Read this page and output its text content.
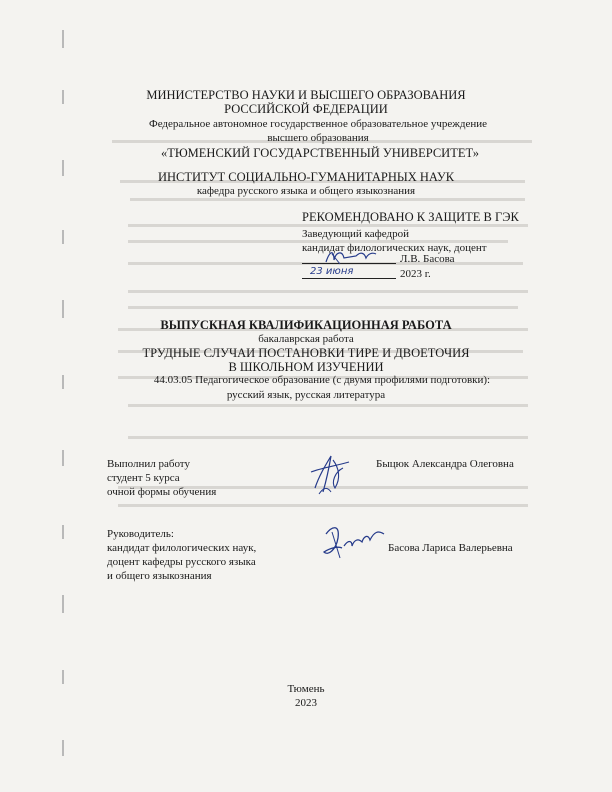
МИНИСТЕРСТВО НАУКИ И ВЫСШЕГО ОБРАЗОВАНИЯ
РОССИЙСКОЙ ФЕДЕРАЦИИ
Федеральное автономное государственное образовательное учреждение
высшего образования
«ТЮМЕНСКИЙ ГОСУДАРСТВЕННЫЙ УНИВЕРСИТЕТ»
ИНСТИТУТ СОЦИАЛЬНО-ГУМАНИТАРНЫХ НАУК
кафедра русского языка и общего языкознания
РЕКОМЕНДОВАНО К ЗАЩИТЕ В ГЭК
Заведующий кафедрой
кандидат филологических наук, доцент
Л.В. Басова
23 июня	2023 г.
ВЫПУСКНАЯ КВАЛИФИКАЦИОННАЯ РАБОТА
бакалаврская работа
ТРУДНЫЕ СЛУЧАИ ПОСТАНОВКИ ТИРЕ И ДВОЕТОЧИЯ
В ШКОЛЬНОМ ИЗУЧЕНИИ
44.03.05 Педагогическое образование (с двумя профилями подготовки):
русский язык, русская литература
Выполнил работу
студент 5 курса
очной формы обучения
Быцюк Александра Олеговна
Руководитель:
кандидат филологических наук,
доцент кафедры русского языка
и общего языкознания
Басова Лариса Валерьевна
Тюмень
2023
